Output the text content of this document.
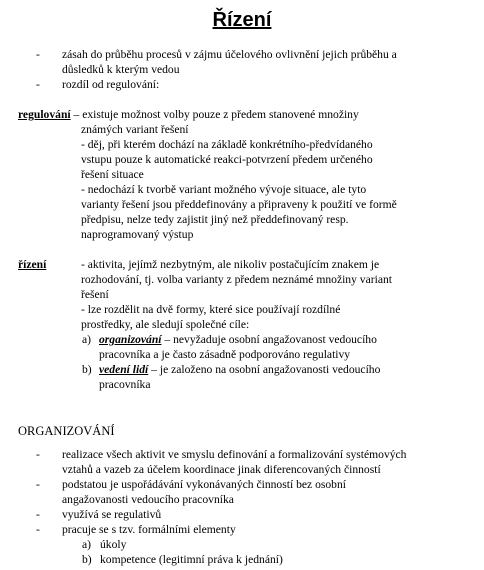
Řízení
- zásah do průběhu procesů v zájmu účelového ovlivnění jejich průběhu a
důsledků k kterým vedou
- rozdíl od regulování:
regulování – existuje možnost volby pouze z předem stanovené množiny
známých variant řešení
- děj, při kterém dochází na základě konkrétního-předvídaného
vstupu pouze k automatické reakci-potvrzení předem určeného
řešení situace
- nedochází k tvorbě variant možného vývoje situace, ale tyto
varianty řešení jsou předdefinovány a připraveny k použití ve formě
předpisu, nelze tedy zajistit jiný než předdefinovaný resp.
naprogramovaný výstup
řízení	- aktivita, jejímž nezbytným, ale nikoliv postačujícím znakem je
rozhodování, tj. volba varianty z předem neznámé množiny variant
řešení
- lze rozdělit na dvě formy, které sice používají rozdílné
prostředky, ale sledují společné cíle:
a) organizování – nevyžaduje osobní angažovanost vedoucího
pracovníka a je často zásadně podporováno regulativy
b) vedení lidí – je založeno na osobní angažovanosti vedoucího
pracovníka
ORGANIZOVÁNÍ
- realizace všech aktivit ve smyslu definování a formalizování systémových
vztahů a vazeb za účelem koordinace jinak diferencovaných činností
- podstatou je uspořádávání vykonávaných činností bez osobní
angažovanosti vedoucího pracovníka
- využívá se regulativů
- pracuje se s tzv. formálními elementy
a) úkoly
b) kompetence (legitimní práva k jednání)
